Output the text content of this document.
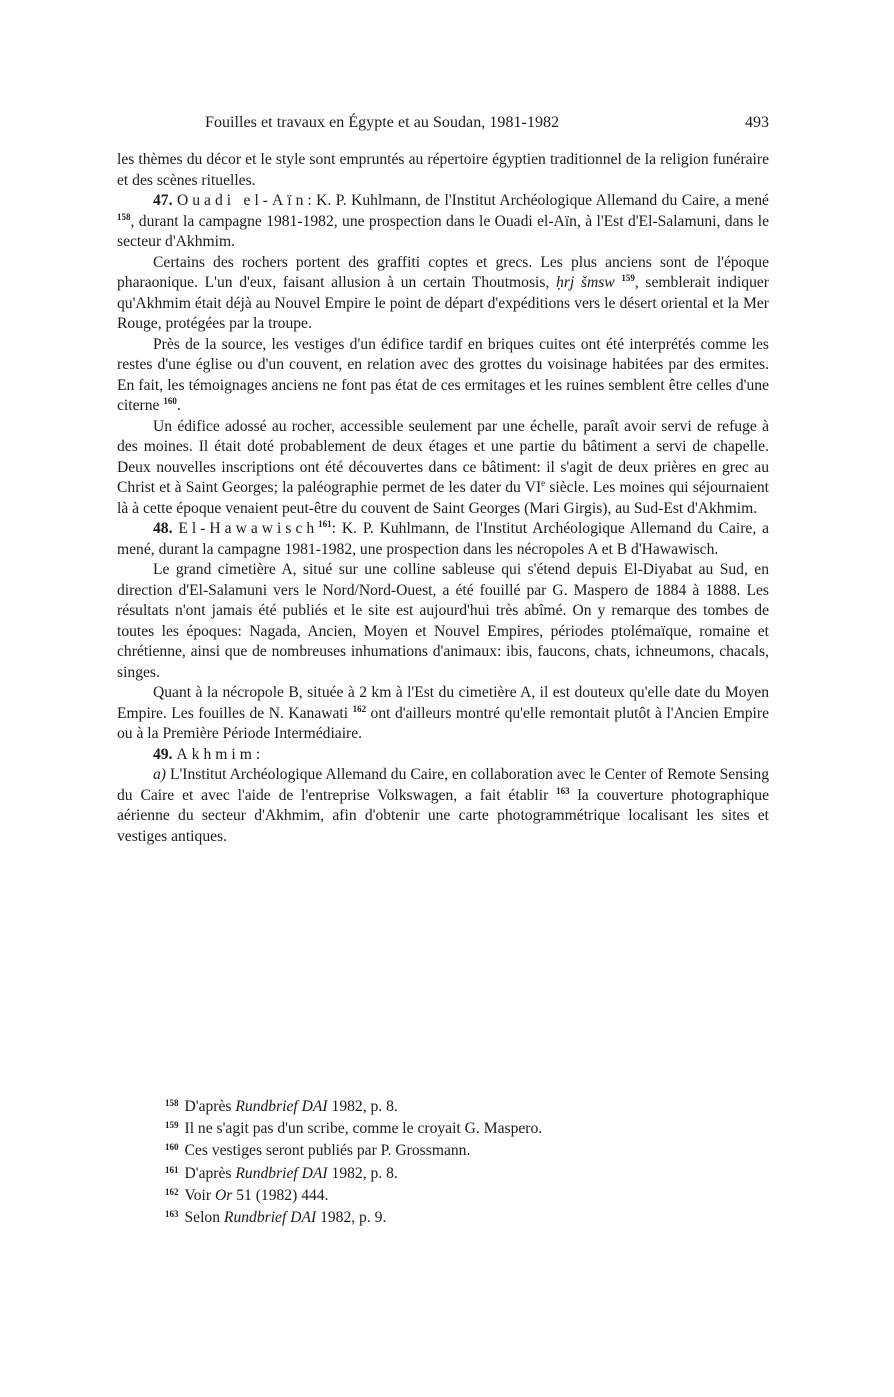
Fouilles et travaux en Égypte et au Soudan, 1981-1982	493

les thèmes du décor et le style sont empruntés au répertoire égyptien traditionnel de la religion funéraire et des scènes rituelles.

47. Ouadi el-Aïn: K. P. Kuhlmann, de l'Institut Archéologique Allemand du Caire, a mené $^{158}$, durant la campagne 1981-1982, une prospection dans le Ouadi el-Aïn, à l'Est d'El-Salamuni, dans le secteur d'Akhmim.

Certains des rochers portent des graffiti coptes et grecs. Les plus anciens sont de l'époque pharaonique. L'un d'eux, faisant allusion à un certain Thoutmosis, ḥrj šmsw $^{159}$, semblerait indiquer qu'Akhmim était déjà au Nouvel Empire le point de départ d'expéditions vers le désert oriental et la Mer Rouge, protégées par la troupe.

Près de la source, les vestiges d'un édifice tardif en briques cuites ont été interprétés comme les restes d'une église ou d'un couvent, en relation avec des grottes du voisinage habitées par des ermites. En fait, les témoignages anciens ne font pas état de ces ermitages et les ruines semblent être celles d'une citerne $^{160}$.

Un édifice adossé au rocher, accessible seulement par une échelle, paraît avoir servi de refuge à des moines. Il était doté probablement de deux étages et une partie du bâtiment a servi de chapelle. Deux nouvelles inscriptions ont été découvertes dans ce bâtiment: il s'agit de deux prières en grec au Christ et à Saint Georges; la paléographie permet de les dater du VIe siècle. Les moines qui séjournaient là à cette époque venaient peut-être du couvent de Saint Georges (Mari Girgis), au Sud-Est d'Akhmim.

48. El-Hawawisch$^{161}$: K. P. Kuhlmann, de l'Institut Archéologique Allemand du Caire, a mené, durant la campagne 1981-1982, une prospection dans les nécropoles A et B d'Hawawisch.

Le grand cimetière A, situé sur une colline sableuse qui s'étend depuis El-Diyabat au Sud, en direction d'El-Salamuni vers le Nord/Nord-Ouest, a été fouillé par G. Maspero de 1884 à 1888. Les résultats n'ont jamais été publiés et le site est aujourd'hui très abîmé. On y remarque des tombes de toutes les époques: Nagada, Ancien, Moyen et Nouvel Empires, périodes ptolémaïque, romaine et chrétienne, ainsi que de nombreuses inhumations d'animaux: ibis, faucons, chats, ichneumons, chacals, singes.

Quant à la nécropole B, située à 2 km à l'Est du cimetière A, il est douteux qu'elle date du Moyen Empire. Les fouilles de N. Kanawati $^{162}$ ont d'ailleurs montré qu'elle remontait plutôt à l'Ancien Empire ou à la Première Période Intermédiaire.

49. Akhmim:

a) L'Institut Archéologique Allemand du Caire, en collaboration avec le Center of Remote Sensing du Caire et avec l'aide de l'entreprise Volkswagen, a fait établir $^{163}$ la couverture photographique aérienne du secteur d'Akhmim, afin d'obtenir une carte photogrammétrique localisant les sites et vestiges antiques.

$^{158}$ D'après Rundbrief DAI 1982, p. 8.
$^{159}$ Il ne s'agit pas d'un scribe, comme le croyait G. Maspero.
$^{160}$ Ces vestiges seront publiés par P. Grossmann.
$^{161}$ D'après Rundbrief DAI 1982, p. 8.
$^{162}$ Voir Or 51 (1982) 444.
$^{163}$ Selon Rundbrief DAI 1982, p. 9.
